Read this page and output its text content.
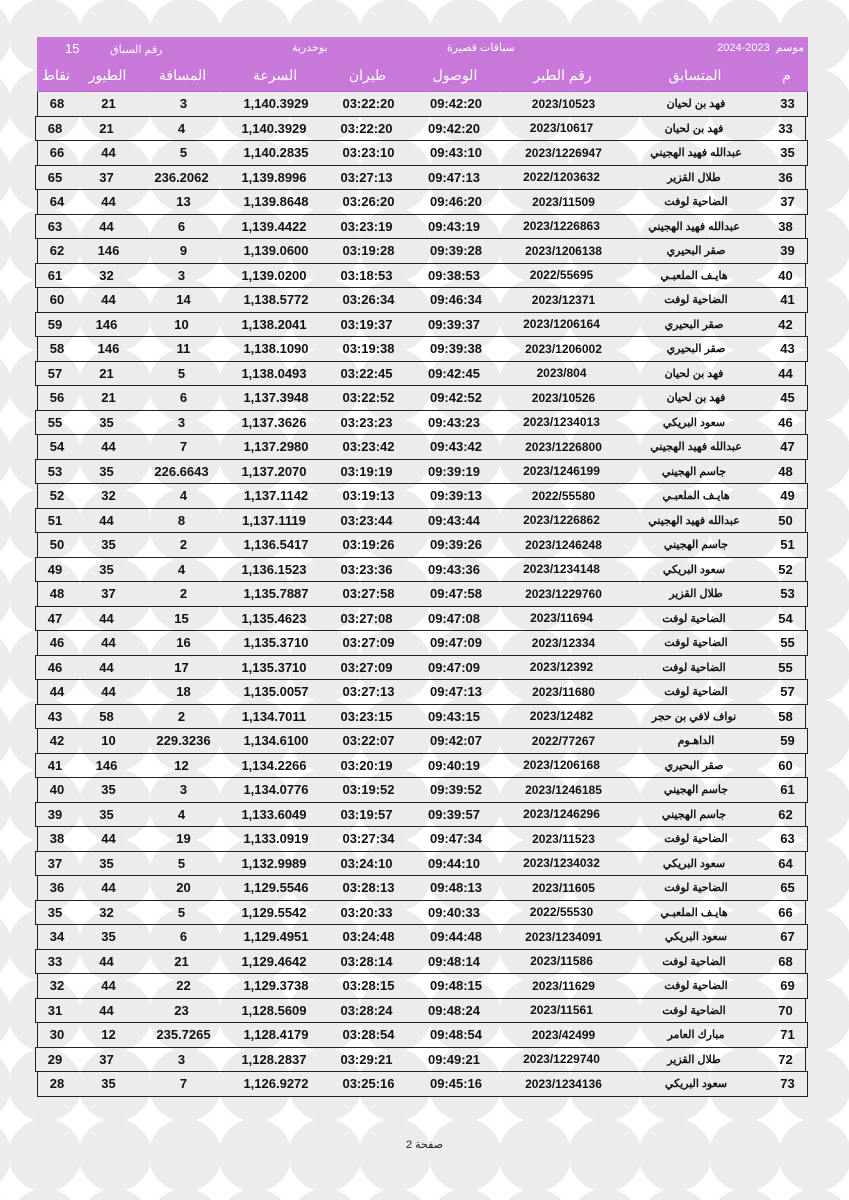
موسم  2023-2024
سباقات قصيرة
بوحدرية
15	رقم السباق
نقاط	الطيور	المسافة	السرعة	طيران	الوصول	رقم الطير	المتسابق	م
68	21	3	1,140.3929	03:22:20	09:42:20	2023/10523	فهد بن لحيان	33
68	21	4	1,140.3929	03:22:20	09:42:20	2023/10617	فهد بن لحيان	33
66	44	5	1,140.2835	03:23:10	09:43:10	2023/1226947	عبدالله فهيد الهجيني	35
65	37	236.2062	1,139.8996	03:27:13	09:47:13	2022/1203632	طلال القزير	36
64	44	13	1,139.8648	03:26:20	09:46:20	2023/11509	الضاحية لوفت	37
63	44	6	1,139.4422	03:23:19	09:43:19	2023/1226863	عبدالله فهيد الهجيني	38
62	146	9	1,139.0600	03:19:28	09:39:28	2023/1206138	صقر البحيري	39
61	32	3	1,139.0200	03:18:53	09:38:53	2022/55695	هايـف الملعبـي	40
60	44	14	1,138.5772	03:26:34	09:46:34	2023/12371	الضاحية لوفت	41
59	146	10	1,138.2041	03:19:37	09:39:37	2023/1206164	صقر البحيري	42
58	146	11	1,138.1090	03:19:38	09:39:38	2023/1206002	صقر البحيري	43
57	21	5	1,138.0493	03:22:45	09:42:45	2023/804	فهد بن لحيان	44
56	21	6	1,137.3948	03:22:52	09:42:52	2023/10526	فهد بن لحيان	45
55	35	3	1,137.3626	03:23:23	09:43:23	2023/1234013	سعود البريكي	46
54	44	7	1,137.2980	03:23:42	09:43:42	2023/1226800	عبدالله فهيد الهجيني	47
53	35	226.6643	1,137.2070	03:19:19	09:39:19	2023/1246199	جاسم الهجيني	48
52	32	4	1,137.1142	03:19:13	09:39:13	2022/55580	هايـف الملعبـي	49
51	44	8	1,137.1119	03:23:44	09:43:44	2023/1226862	عبدالله فهيد الهجيني	50
50	35	2	1,136.5417	03:19:26	09:39:26	2023/1246248	جاسم الهجيني	51
49	35	4	1,136.1523	03:23:36	09:43:36	2023/1234148	سعود البريكي	52
48	37	2	1,135.7887	03:27:58	09:47:58	2023/1229760	طلال القزير	53
47	44	15	1,135.4623	03:27:08	09:47:08	2023/11694	الضاحية لوفت	54
46	44	16	1,135.3710	03:27:09	09:47:09	2023/12334	الضاحية لوفت	55
46	44	17	1,135.3710	03:27:09	09:47:09	2023/12392	الضاحية لوفت	55
44	44	18	1,135.0057	03:27:13	09:47:13	2023/11680	الضاحية لوفت	57
43	58	2	1,134.7011	03:23:15	09:43:15	2023/12482	نواف لافي بن حجر	58
42	10	229.3236	1,134.6100	03:22:07	09:42:07	2022/77267	الداهـوم	59
41	146	12	1,134.2266	03:20:19	09:40:19	2023/1206168	صقر البحيري	60
40	35	3	1,134.0776	03:19:52	09:39:52	2023/1246185	جاسم الهجيني	61
39	35	4	1,133.6049	03:19:57	09:39:57	2023/1246296	جاسم الهجيني	62
38	44	19	1,133.0919	03:27:34	09:47:34	2023/11523	الضاحية لوفت	63
37	35	5	1,132.9989	03:24:10	09:44:10	2023/1234032	سعود البريكي	64
36	44	20	1,129.5546	03:28:13	09:48:13	2023/11605	الضاحية لوفت	65
35	32	5	1,129.5542	03:20:33	09:40:33	2022/55530	هايـف الملعبـي	66
34	35	6	1,129.4951	03:24:48	09:44:48	2023/1234091	سعود البريكي	67
33	44	21	1,129.4642	03:28:14	09:48:14	2023/11586	الضاحية لوفت	68
32	44	22	1,129.3738	03:28:15	09:48:15	2023/11629	الضاحية لوفت	69
31	44	23	1,128.5609	03:28:24	09:48:24	2023/11561	الضاحية لوفت	70
30	12	235.7265	1,128.4179	03:28:54	09:48:54	2023/42499	مبارك العامر	71
29	37	3	1,128.2837	03:29:21	09:49:21	2023/1229740	طلال القزير	72
28	35	7	1,126.9272	03:25:16	09:45:16	2023/1234136	سعود البريكي	73
صفحة 2
